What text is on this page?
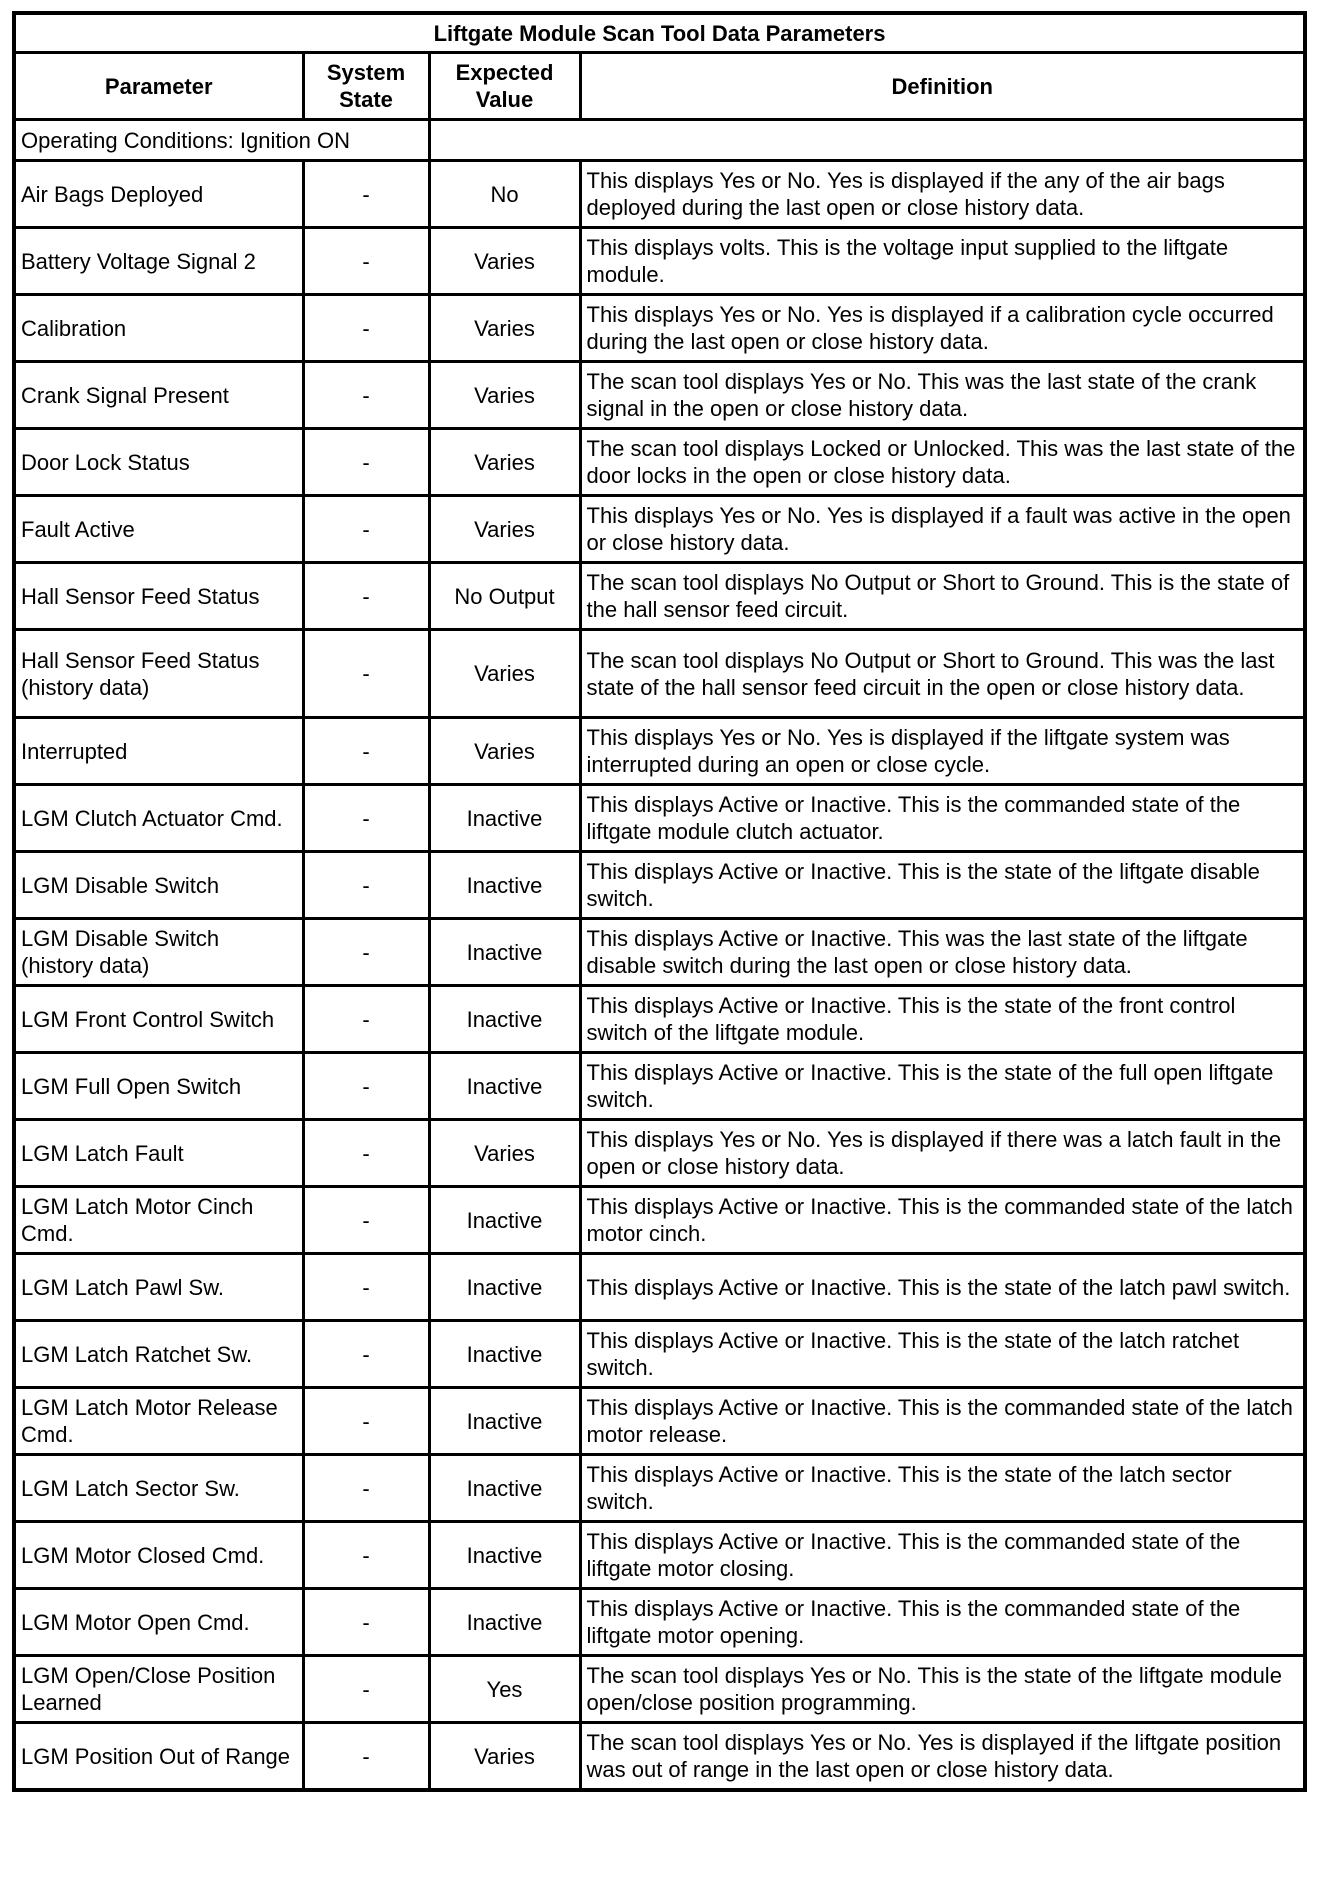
Liftgate Module Scan Tool Data Parameters			
Parameter	System State	Expected Value	Definition
Operating Conditions: Ignition ON			
Air Bags Deployed	-	No	This displays Yes or No. Yes is displayed if the any of the air bags deployed during the last open or close history data.
Battery Voltage Signal 2	-	Varies	This displays volts. This is the voltage input supplied to the liftgate module.
Calibration	-	Varies	This displays Yes or No. Yes is displayed if a calibration cycle occurred during the last open or close history data.
Crank Signal Present	-	Varies	The scan tool displays Yes or No. This was the last state of the crank signal in the open or close history data.
Door Lock Status	-	Varies	The scan tool displays Locked or Unlocked. This was the last state of the door locks in the open or close history data.
Fault Active	-	Varies	This displays Yes or No. Yes is displayed if a fault was active in the open or close history data.
Hall Sensor Feed Status	-	No Output	The scan tool displays No Output or Short to Ground. This is the state of the hall sensor feed circuit.
Hall Sensor Feed Status (history data)	-	Varies	The scan tool displays No Output or Short to Ground. This was the last state of the hall sensor feed circuit in the open or close history data.
Interrupted	-	Varies	This displays Yes or No. Yes is displayed if the liftgate system was interrupted during an open or close cycle.
LGM Clutch Actuator Cmd.	-	Inactive	This displays Active or Inactive. This is the commanded state of the liftgate module clutch actuator.
LGM Disable Switch	-	Inactive	This displays Active or Inactive. This is the state of the liftgate disable switch.
LGM Disable Switch (history data)	-	Inactive	This displays Active or Inactive. This was the last state of the liftgate disable switch during the last open or close history data.
LGM Front Control Switch	-	Inactive	This displays Active or Inactive. This is the state of the front control switch of the liftgate module.
LGM Full Open Switch	-	Inactive	This displays Active or Inactive. This is the state of the full open liftgate switch.
LGM Latch Fault	-	Varies	This displays Yes or No. Yes is displayed if there was a latch fault in the open or close history data.
LGM Latch Motor Cinch Cmd.	-	Inactive	This displays Active or Inactive. This is the commanded state of the latch motor cinch.
LGM Latch Pawl Sw.	-	Inactive	This displays Active or Inactive. This is the state of the latch pawl switch.
LGM Latch Ratchet Sw.	-	Inactive	This displays Active or Inactive. This is the state of the latch ratchet switch.
LGM Latch Motor Release Cmd.	-	Inactive	This displays Active or Inactive. This is the commanded state of the latch motor release.
LGM Latch Sector Sw.	-	Inactive	This displays Active or Inactive. This is the state of the latch sector switch.
LGM Motor Closed Cmd.	-	Inactive	This displays Active or Inactive. This is the commanded state of the liftgate motor closing.
LGM Motor Open Cmd.	-	Inactive	This displays Active or Inactive. This is the commanded state of the liftgate motor opening.
LGM Open/Close Position Learned	-	Yes	The scan tool displays Yes or No. This is the state of the liftgate module open/close position programming.
LGM Position Out of Range	-	Varies	The scan tool displays Yes or No. Yes is displayed if the liftgate position was out of range in the last open or close history data.
